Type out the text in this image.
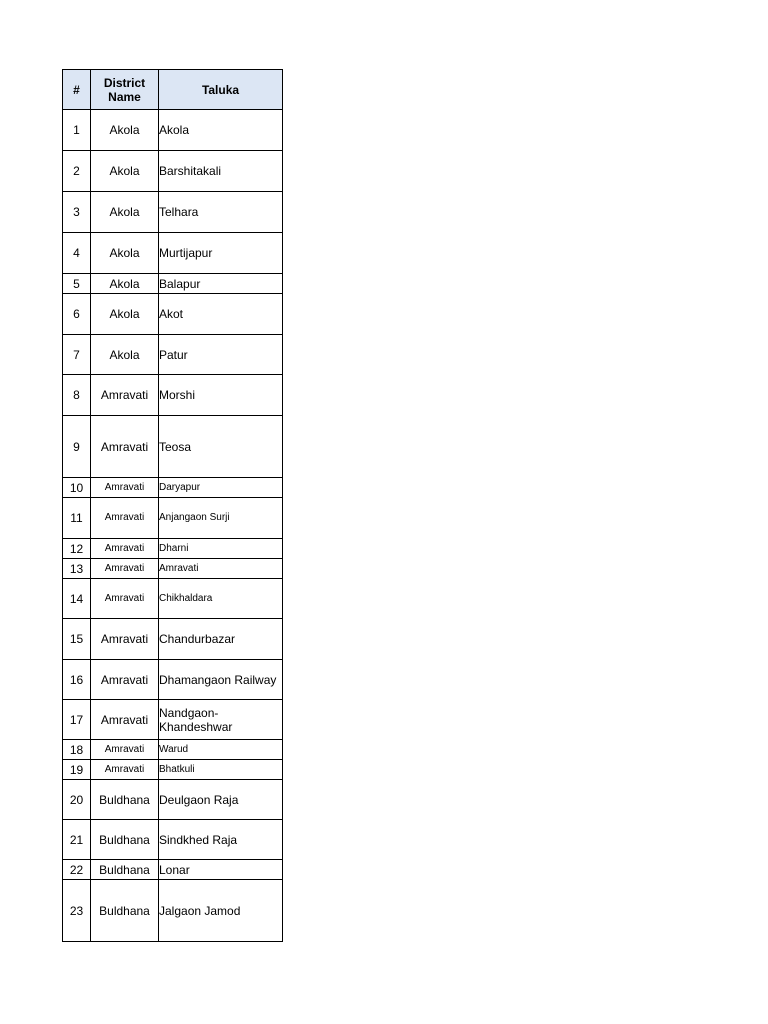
#	District Name	Taluka
1	Akola	Akola
2	Akola	Barshitakali
3	Akola	Telhara
4	Akola	Murtijapur
5	Akola	Balapur
6	Akola	Akot
7	Akola	Patur
8	Amravati	Morshi
9	Amravati	Teosa
10	Amravati	Daryapur
11	Amravati	Anjangaon Surji
12	Amravati	Dharni
13	Amravati	Amravati
14	Amravati	Chikhaldara
15	Amravati	Chandurbazar
16	Amravati	Dhamangaon Railway
17	Amravati	Nandgaon-Khandeshwar
18	Amravati	Warud
19	Amravati	Bhatkuli
20	Buldhana	Deulgaon Raja
21	Buldhana	Sindkhed Raja
22	Buldhana	Lonar
23	Buldhana	Jalgaon Jamod
